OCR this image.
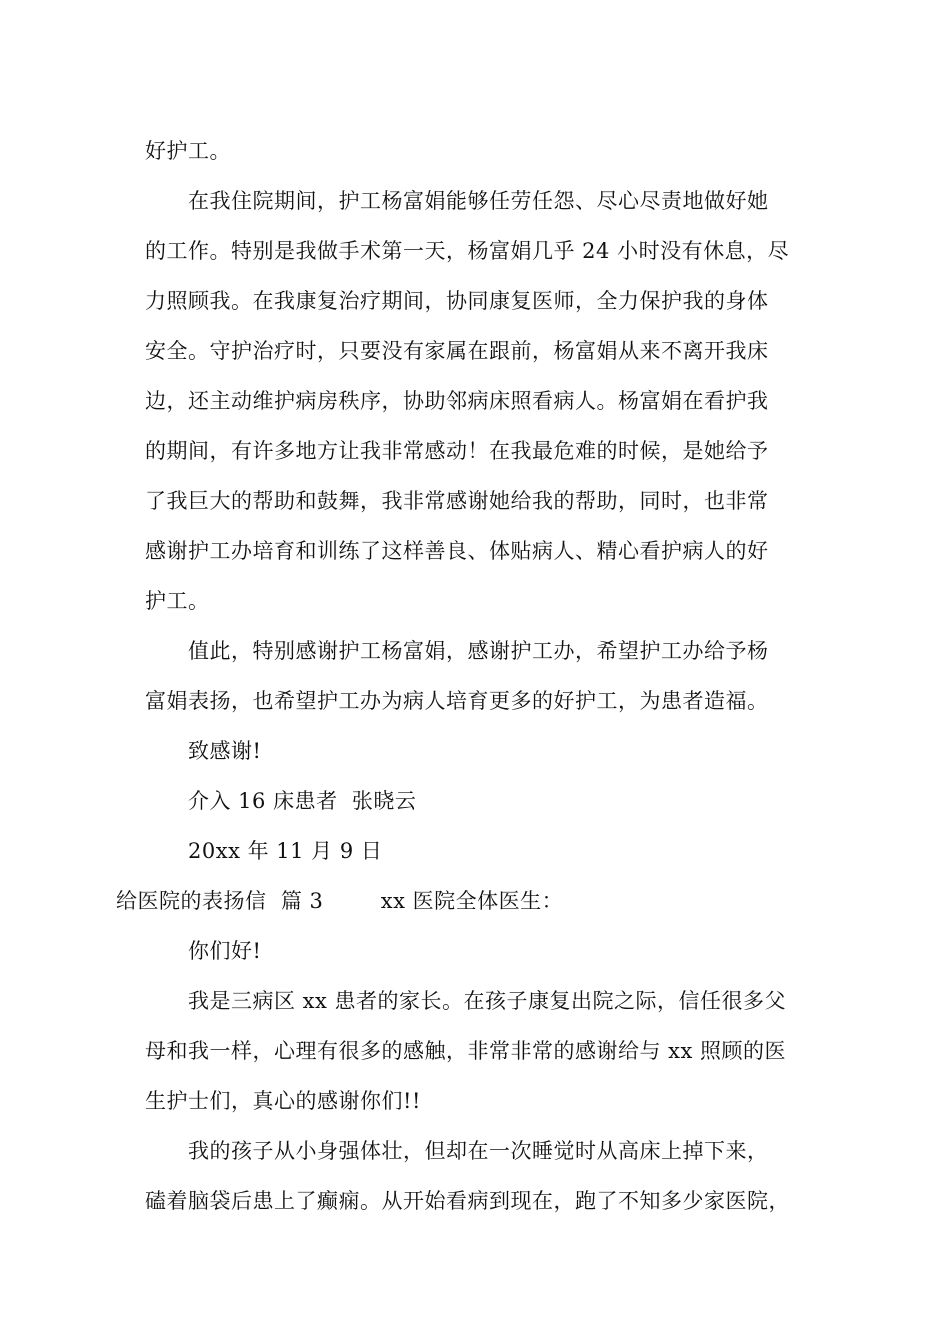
好护工。
在我住院期间，护工杨富娟能够任劳任怨、尽心尽责地做好她
的工作。特别是我做手术第一天，杨富娟几乎 24 小时没有休息，尽
力照顾我。在我康复治疗期间，协同康复医师，全力保护我的身体
安全。守护治疗时，只要没有家属在跟前，杨富娟从来不离开我床
边，还主动维护病房秩序，协助邻病床照看病人。杨富娟在看护我
的期间，有许多地方让我非常感动！在我最危难的时候，是她给予
了我巨大的帮助和鼓舞，我非常感谢她给我的帮助，同时，也非常
感谢护工办培育和训练了这样善良、体贴病人、精心看护病人的好
护工。
值此，特别感谢护工杨富娟，感谢护工办，希望护工办给予杨
富娟表扬，也希望护工办为病人培育更多的好护工，为患者造福。
致感谢!
介入 16 床患者  张晓云
20xx 年 11 月 9 日
给医院的表扬信  篇 3        xx 医院全体医生：
你们好!
我是三病区 xx 患者的家长。在孩子康复出院之际，信任很多父
母和我一样，心理有很多的感触，非常非常的感谢给与 xx 照顾的医
生护士们，真心的感谢你们!!
我的孩子从小身强体壮，但却在一次睡觉时从高床上掉下来，
磕着脑袋后患上了癫痫。从开始看病到现在，跑了不知多少家医院，
